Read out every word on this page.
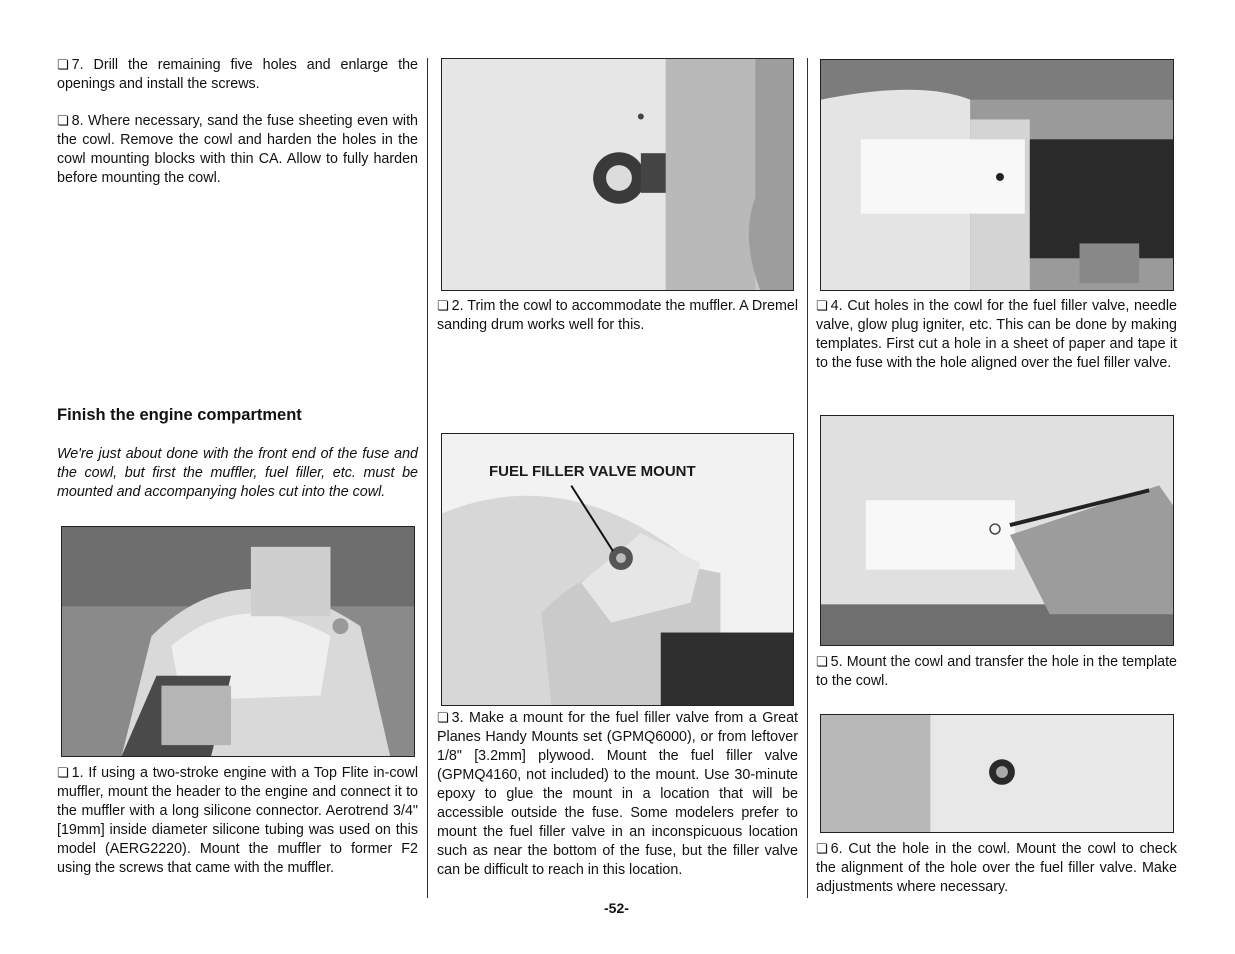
❏ 7. Drill the remaining five holes and enlarge the openings and install the screws.

❏ 8. Where necessary, sand the fuse sheeting even with the cowl. Remove the cowl and harden the holes in the cowl mounting blocks with thin CA. Allow to fully harden before mounting the cowl.

Finish the engine compartment

We're just about done with the front end of the fuse and the cowl, but first the muffler, fuel filler, etc. must be mounted and accompanying holes cut into the cowl.

❏ 1. If using a two-stroke engine with a Top Flite in-cowl muffler, mount the header to the engine and connect it to the muffler with a long silicone connector. Aerotrend 3/4" [19mm] inside diameter silicone tubing was used on this model (AERG2220). Mount the muffler to former F2 using the screws that came with the muffler.

❏ 2. Trim the cowl to accommodate the muffler. A Dremel sanding drum works well for this.

FUEL FILLER VALVE MOUNT

❏ 3. Make a mount for the fuel filler valve from a Great Planes Handy Mounts set (GPMQ6000), or from leftover 1/8" [3.2mm] plywood. Mount the fuel filler valve (GPMQ4160, not included) to the mount. Use 30-minute epoxy to glue the mount in a location that will be accessible outside the fuse. Some modelers prefer to mount the fuel filler valve in an inconspicuous location such as near the bottom of the fuse, but the filler valve can be difficult to reach in this location.

❏ 4. Cut holes in the cowl for the fuel filler valve, needle valve, glow plug igniter, etc. This can be done by making templates. First cut a hole in a sheet of paper and tape it to the fuse with the hole aligned over the fuel filler valve.

❏ 5. Mount the cowl and transfer the hole in the template to the cowl.

❏ 6. Cut the hole in the cowl. Mount the cowl to check the alignment of the hole over the fuel filler valve. Make adjustments where necessary.

-52-
